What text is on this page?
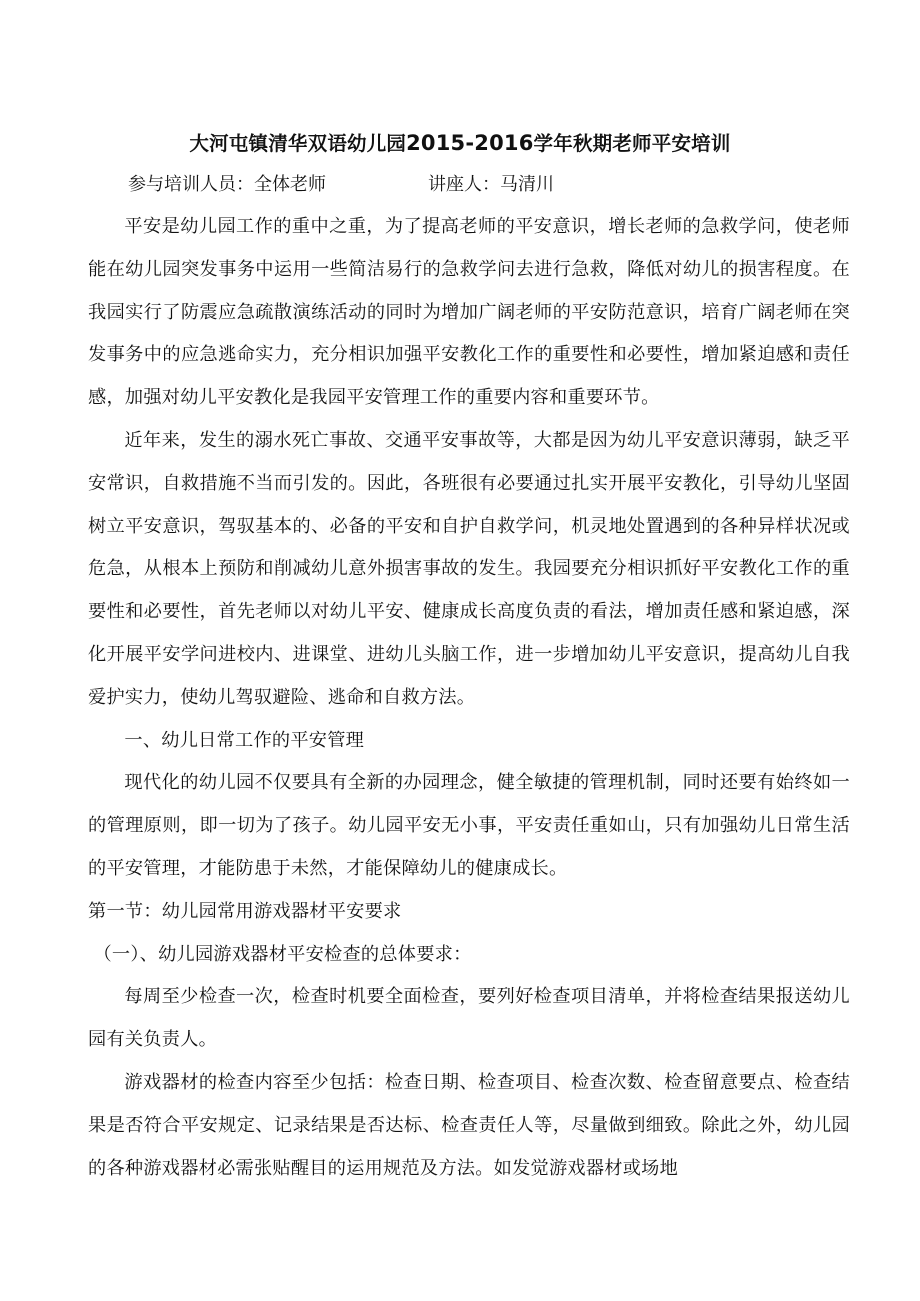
大河屯镇清华双语幼儿园2015-2016学年秋期老师平安培训
参与培训人员：全体老师	讲座人：马清川

平安是幼儿园工作的重中之重，为了提高老师的平安意识，增长老师的急救学问，使老师能在幼儿园突发事务中运用一些简洁易行的急救学问去进行急救，降低对幼儿的损害程度。在我园实行了防震应急疏散演练活动的同时为增加广阔老师的平安防范意识，培育广阔老师在突发事务中的应急逃命实力，充分相识加强平安教化工作的重要性和必要性，增加紧迫感和责任感，加强对幼儿平安教化是我园平安管理工作的重要内容和重要环节。

近年来，发生的溺水死亡事故、交通平安事故等，大都是因为幼儿平安意识薄弱，缺乏平安常识，自救措施不当而引发的。因此，各班很有必要通过扎实开展平安教化，引导幼儿坚固树立平安意识，驾驭基本的、必备的平安和自护自救学问，机灵地处置遇到的各种异样状况或危急，从根本上预防和削减幼儿意外损害事故的发生。我园要充分相识抓好平安教化工作的重要性和必要性，首先老师以对幼儿平安、健康成长高度负责的看法，增加责任感和紧迫感，深化开展平安学问进校内、进课堂、进幼儿头脑工作，进一步增加幼儿平安意识，提高幼儿自我爱护实力，使幼儿驾驭避险、逃命和自救方法。

一、幼儿日常工作的平安管理

现代化的幼儿园不仅要具有全新的办园理念，健全敏捷的管理机制，同时还要有始终如一的管理原则，即一切为了孩子。幼儿园平安无小事，平安责任重如山，只有加强幼儿日常生活的平安管理，才能防患于未然，才能保障幼儿的健康成长。

第一节：幼儿园常用游戏器材平安要求

（一）、幼儿园游戏器材平安检查的总体要求：

每周至少检查一次，检查时机要全面检查，要列好检查项目清单，并将检查结果报送幼儿园有关负责人。

游戏器材的检查内容至少包括：检查日期、检查项目、检查次数、检查留意要点、检查结果是否符合平安规定、记录结果是否达标、检查责任人等，尽量做到细致。除此之外，幼儿园的各种游戏器材必需张贴醒目的运用规范及方法。如发觉游戏器材或场地
